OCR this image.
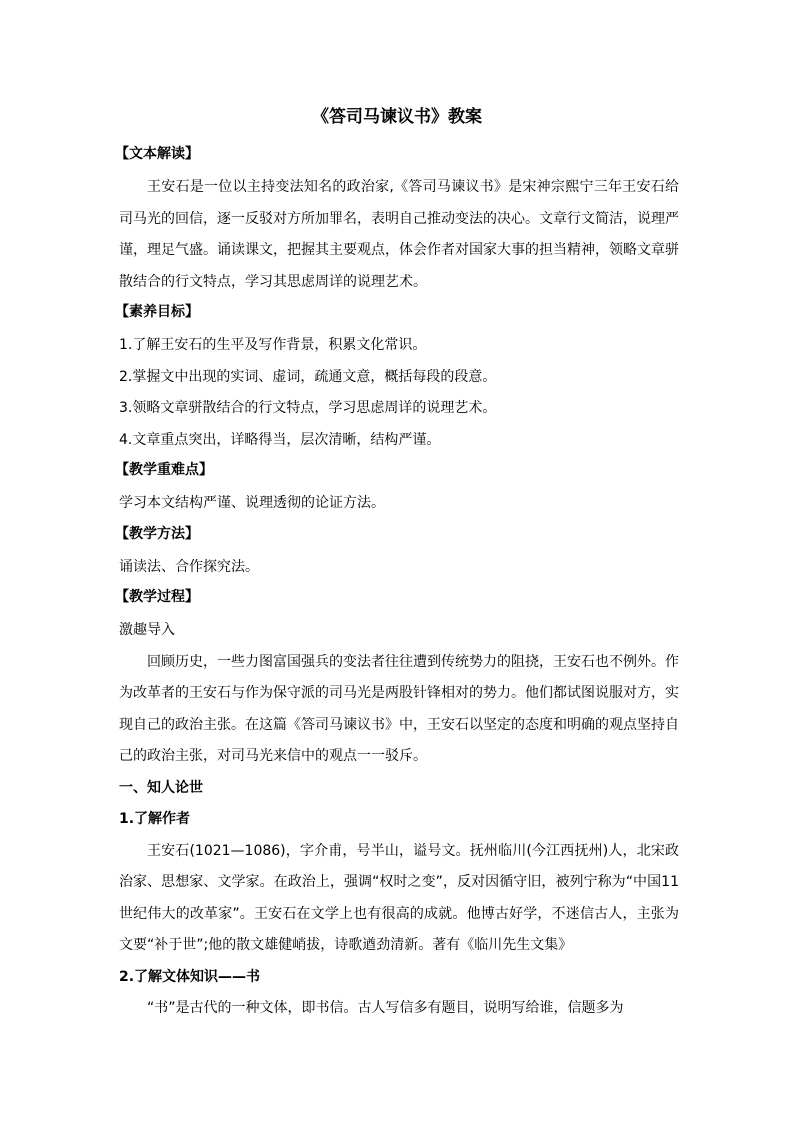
《答司马谏议书》教案
【文本解读】

王安石是一位以主持变法知名的政治家,《答司马谏议书》是宋神宗熙宁三年王安石给司马光的回信，逐一反驳对方所加罪名，表明自己推动变法的决心。文章行文简洁，说理严谨，理足气盛。诵读课文，把握其主要观点，体会作者对国家大事的担当精神，领略文章骈散结合的行文特点，学习其思虑周详的说理艺术。

【素养目标】

1.了解王安石的生平及写作背景，积累文化常识。

2.掌握文中出现的实词、虚词，疏通文意，概括每段的段意。

3.领略文章骈散结合的行文特点，学习思虑周详的说理艺术。

4.文章重点突出，详略得当，层次清晰，结构严谨。

【教学重难点】

学习本文结构严谨、说理透彻的论证方法。

【教学方法】

诵读法、合作探究法。

【教学过程】

激趣导入

回顾历史，一些力图富国强兵的变法者往往遭到传统势力的阻挠，王安石也不例外。作为改革者的王安石与作为保守派的司马光是两股针锋相对的势力。他们都试图说服对方，实现自己的政治主张。在这篇《答司马谏议书》中，王安石以坚定的态度和明确的观点坚持自己的政治主张，对司马光来信中的观点一一驳斥。

一、知人论世

1.了解作者

王安石(1021—1086)，字介甫，号半山，谥号文。抚州临川(今江西抚州)人，北宋政治家、思想家、文学家。在政治上，强调“权时之变”，反对因循守旧，被列宁称为“中国11世纪伟大的改革家”。王安石在文学上也有很高的成就。他博古好学，不迷信古人，主张为文要“补于世”;他的散文雄健峭拔，诗歌遒劲清新。著有《临川先生文集》

2.了解文体知识——书

“书”是古代的一种文体，即书信。古人写信多有题目，说明写给谁，信题多为
